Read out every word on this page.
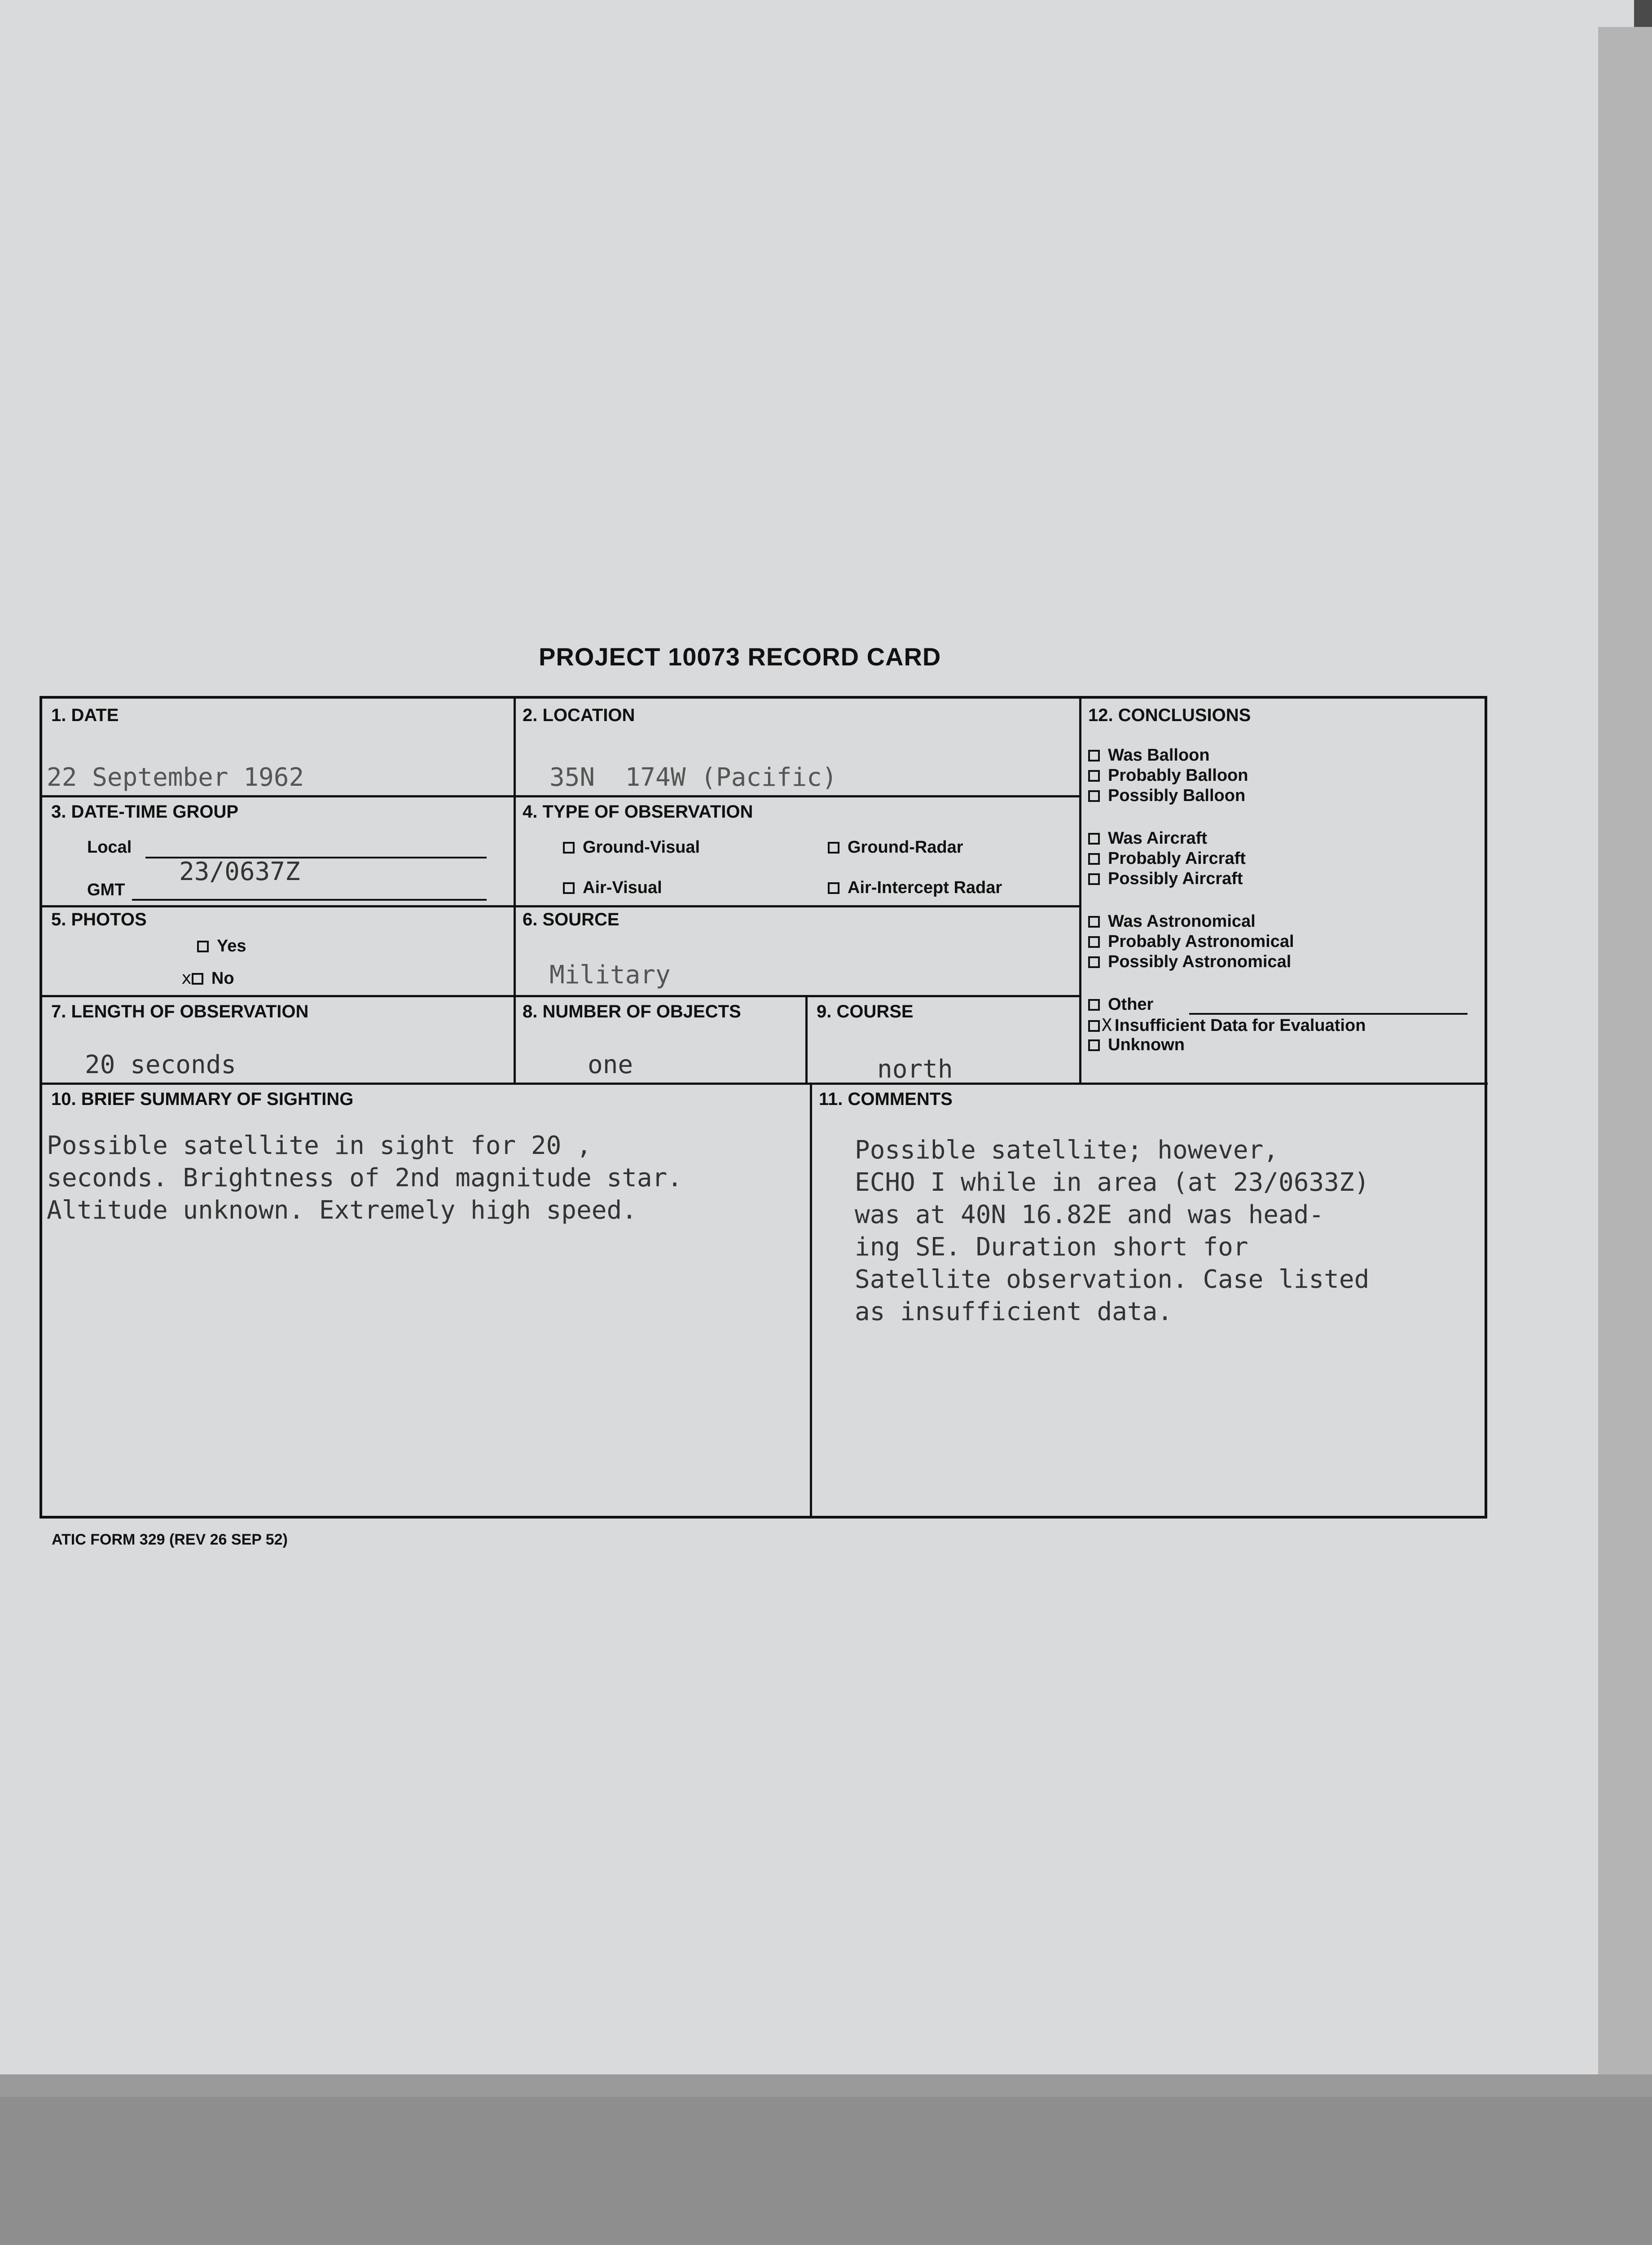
PROJECT 10073 RECORD CARD
1. DATE
22 September 1962
2. LOCATION
35N  174W (Pacific)
3. DATE-TIME GROUP
Local
GMT
23/0637Z
4. TYPE OF OBSERVATION
Ground-Visual	Ground-Radar
Air-Visual	Air-Intercept Radar
5. PHOTOS
Yes
x No
6. SOURCE
Military
7. LENGTH OF OBSERVATION
20 seconds
8. NUMBER OF OBJECTS
one
9. COURSE
north
12. CONCLUSIONS
Was Balloon
Probably Balloon
Possibly Balloon
Was Aircraft
Probably Aircraft
Possibly Aircraft
Was Astronomical
Probably Astronomical
Possibly Astronomical
Other
X Insufficient Data for Evaluation
Unknown
10. BRIEF SUMMARY OF SIGHTING
Possible satellite in sight for 20 ,
seconds. Brightness of 2nd magnitude star.
Altitude unknown. Extremely high speed.
11. COMMENTS
Possible satellite; however,
ECHO I while in area (at 23/0633Z)
was at 40N 16.82E and was head-
ing SE. Duration short for
Satellite observation. Case listed
as insufficient data.
ATIC FORM 329 (REV 26 SEP 52)
